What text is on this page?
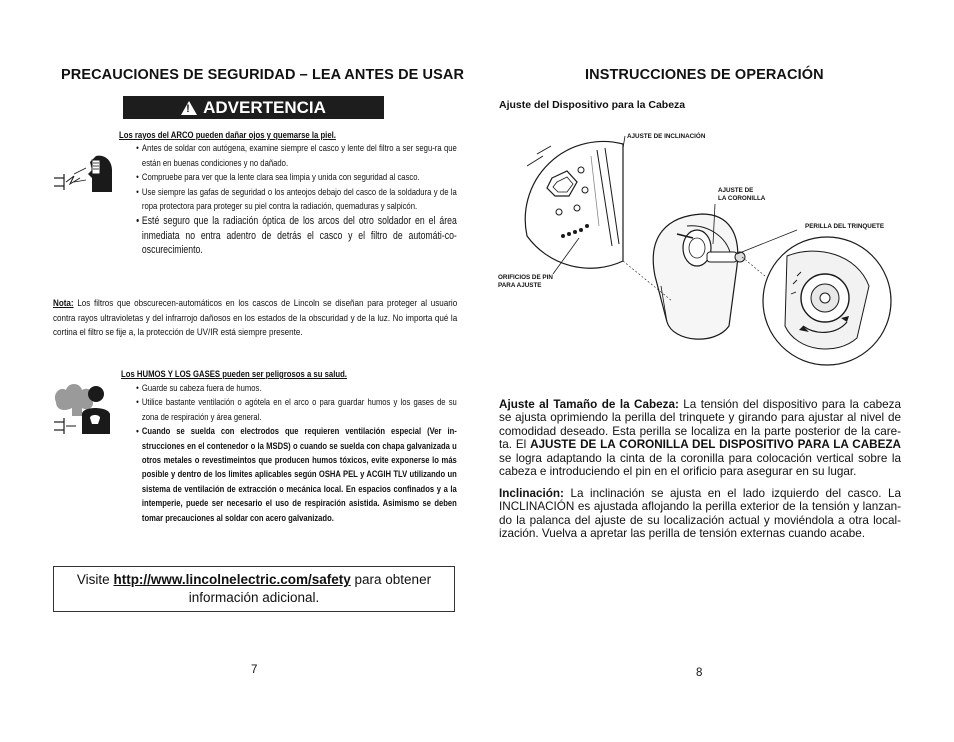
PRECAUCIONES DE SEGURIDAD – LEA ANTES DE USAR
! ADVERTENCIA
Los rayos del ARCO pueden dañar ojos y quemarse la piel.
• Antes de soldar con autógena, examine siempre el casco y lente del filtro a ser segu-ra que están en buenas condiciones y no dañado.
• Compruebe para ver que la lente clara sea limpia y unida con seguridad al casco.
• Use siempre las gafas de seguridad o los anteojos debajo del casco de la soldadura y de la ropa protectora para proteger su piel contra la radiación, quemaduras y salpicón.
• Esté seguro que la radiación óptica de los arcos del otro soldador en el área inmediata no entra adentro de detrás el casco y el filtro de automáti-co-oscurecimiento.
Nota: Los filtros que obscurecen-automáticos en los cascos de Lincoln se diseñan para proteger al usuario contra rayos ultravioletas y del infrarrojo dañosos en los estados de la obscuridad y de la luz. No importa qué la cortina el filtro se fije a, la protección de UV/IR está siempre presente.
Los HUMOS Y LOS GASES pueden ser peligrosos a su salud.
• Guarde su cabeza fuera de humos.
• Utilice bastante ventilación o agótela en el arco o para guardar humos y los gases de su zona de respiración y área general.
• Cuando se suelda con electrodos que requieren ventilación especial (Ver in-strucciones en el contenedor o la MSDS) o cuando se suelda con chapa galvanizada u otros metales o revestimeintos que producen humos tóxicos, evite exponerse lo más posible y dentro de los limites aplicables según OSHA PEL y ACGIH TLV utilizando un sistema de ventilación de extracción o mecánica local. En espacios confinados y a la intemperie, puede ser necesario el uso de respiración asistida. Asimismo se deben tomar precauciones al soldar con acero galvanizado.
Visite http://www.lincolnelectric.com/safety para obtener información adicional.
7
INSTRUCCIONES DE OPERACIÓN
Ajuste del Dispositivo para la Cabeza
AJUSTE DE INCLINACIÓN
AJUSTE DE
LA CORONILLA
PERILLA DEL TRINQUETE
ORIFICIOS DE PIN
PARA AJUSTE
Ajuste al Tamaño de la Cabeza: La tensión del dispositivo para la cabeza se ajusta oprimiendo la perilla del trinquete y girando para ajustar al nivel de comodidad deseado. Esta perilla se localiza en la parte posterior de la care-ta. El AJUSTE DE LA CORONILLA DEL DISPOSITIVO PARA LA CABEZA se logra adaptando la cinta de la coronilla para colocación vertical sobre la cabeza e introduciendo el pin en el orificio para asegurar en su lugar.
Inclinación: La inclinación se ajusta en el lado izquierdo del casco. La INCLINACIÓN es ajustada aflojando la perilla exterior de la tensión y lanzan-do la palanca del ajuste de su localización actual y moviéndola a otra local-ización. Vuelva a apretar las perilla de tensión externas cuando acabe.
8
